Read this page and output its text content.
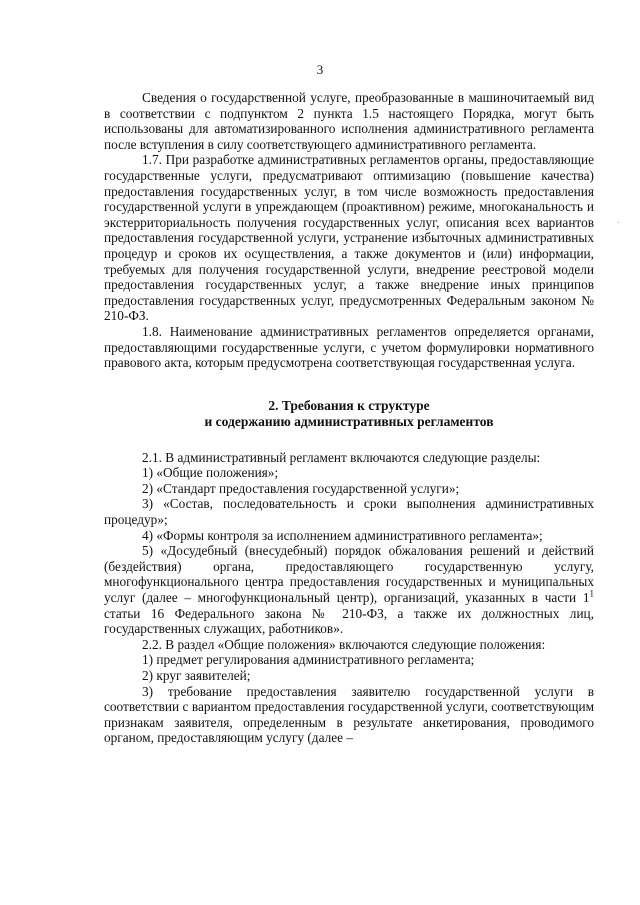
3
·

Сведения о государственной услуге, преобразованные в машиночитаемый вид в соответствии с подпунктом 2 пункта 1.5 настоящего Порядка, могут быть использованы для автоматизированного исполнения административного регламента после вступления в силу соответствующего административного регламента.

1.7. При разработке административных регламентов органы, предоставляющие государственные услуги, предусматривают оптимизацию (повышение качества) предоставления государственных услуг, в том числе возможность предоставления государственной услуги в упреждающем (проактивном) режиме, многоканальность и экстерриториальность получения государственных услуг, описания всех вариантов предоставления государственной услуги, устранение избыточных административных процедур и сроков их осуществления, а также документов и (или) информации, требуемых для получения государственной услуги, внедрение реестровой модели предоставления государственных услуг, а также внедрение иных принципов предоставления государственных услуг, предусмотренных Федеральным законом № 210-ФЗ.

1.8. Наименование административных регламентов определяется органами, предоставляющими государственные услуги, с учетом формулировки нормативного правового акта, которым предусмотрена соответствующая государственная услуга.

2. Требования к структуре
и содержанию административных регламентов

2.1. В административный регламент включаются следующие разделы:

1) «Общие положения»;

2) «Стандарт предоставления государственной услуги»;

3) «Состав, последовательность и сроки выполнения административных процедур»;

4) «Формы контроля за исполнением административного регламента»;

5) «Досудебный (внесудебный) порядок обжалования решений и действий (бездействия) органа, предоставляющего государственную услугу, многофункционального центра предоставления государственных и муниципальных услуг (далее – многофункциональный центр), организаций, указанных в части $1^1$ статьи 16 Федерального закона № 210-ФЗ, а также их должностных лиц, государственных служащих, работников».

2.2. В раздел «Общие положения» включаются следующие положения:

1) предмет регулирования административного регламента;

2) круг заявителей;

3) требование предоставления заявителю государственной услуги в соответствии с вариантом предоставления государственной услуги, соответствующим признакам заявителя, определенным в результате анкетирования, проводимого органом, предоставляющим услугу (далее –
